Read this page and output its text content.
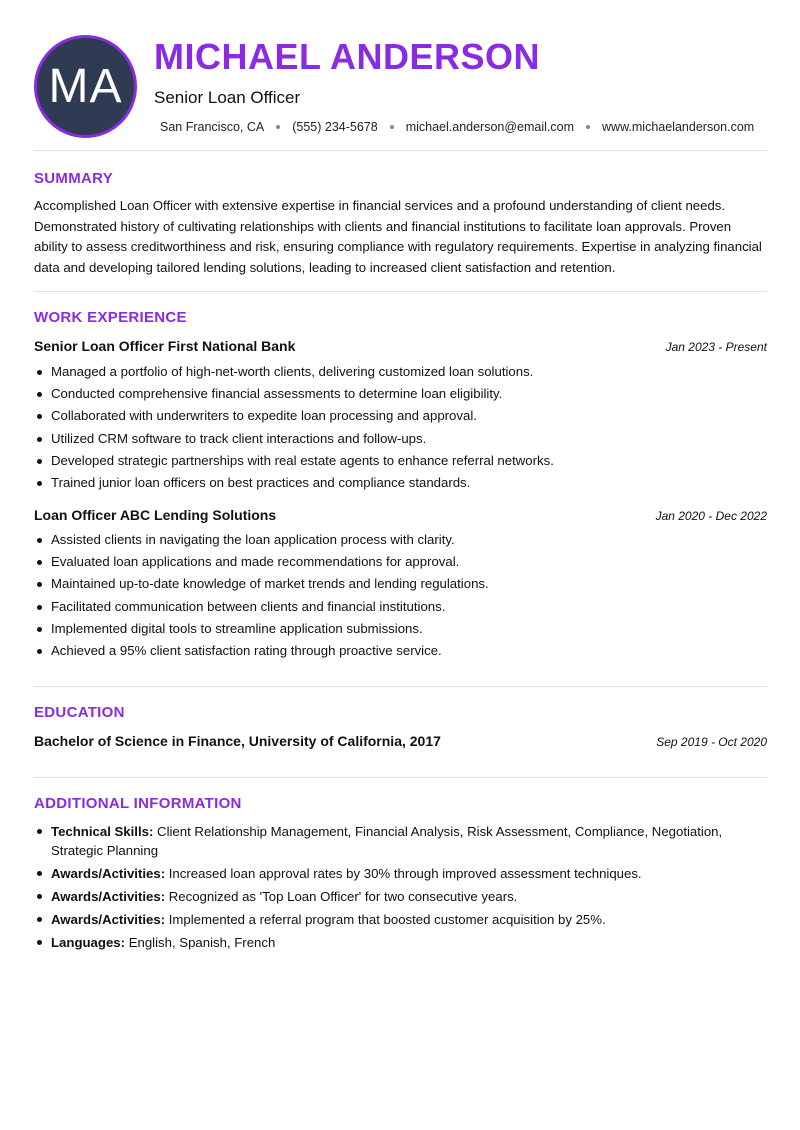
MA
MICHAEL ANDERSON
Senior Loan Officer
San Francisco, CA (555) 234-5678 michael.anderson@email.com www.michaelanderson.com
SUMMARY
Accomplished Loan Officer with extensive expertise in financial services and a profound understanding of client needs. Demonstrated history of cultivating relationships with clients and financial institutions to facilitate loan approvals. Proven ability to assess creditworthiness and risk, ensuring compliance with regulatory requirements. Expertise in analyzing financial data and developing tailored lending solutions, leading to increased client satisfaction and retention.
WORK EXPERIENCE
Senior Loan Officer First National Bank	Jan 2023 - Present
Managed a portfolio of high-net-worth clients, delivering customized loan solutions.
Conducted comprehensive financial assessments to determine loan eligibility.
Collaborated with underwriters to expedite loan processing and approval.
Utilized CRM software to track client interactions and follow-ups.
Developed strategic partnerships with real estate agents to enhance referral networks.
Trained junior loan officers on best practices and compliance standards.
Loan Officer ABC Lending Solutions	Jan 2020 - Dec 2022
Assisted clients in navigating the loan application process with clarity.
Evaluated loan applications and made recommendations for approval.
Maintained up-to-date knowledge of market trends and lending regulations.
Facilitated communication between clients and financial institutions.
Implemented digital tools to streamline application submissions.
Achieved a 95% client satisfaction rating through proactive service.
EDUCATION
Bachelor of Science in Finance, University of California, 2017	Sep 2019 - Oct 2020
ADDITIONAL INFORMATION
Technical Skills: Client Relationship Management, Financial Analysis, Risk Assessment, Compliance, Negotiation, Strategic Planning
Awards/Activities: Increased loan approval rates by 30% through improved assessment techniques.
Awards/Activities: Recognized as 'Top Loan Officer' for two consecutive years.
Awards/Activities: Implemented a referral program that boosted customer acquisition by 25%.
Languages: English, Spanish, French
